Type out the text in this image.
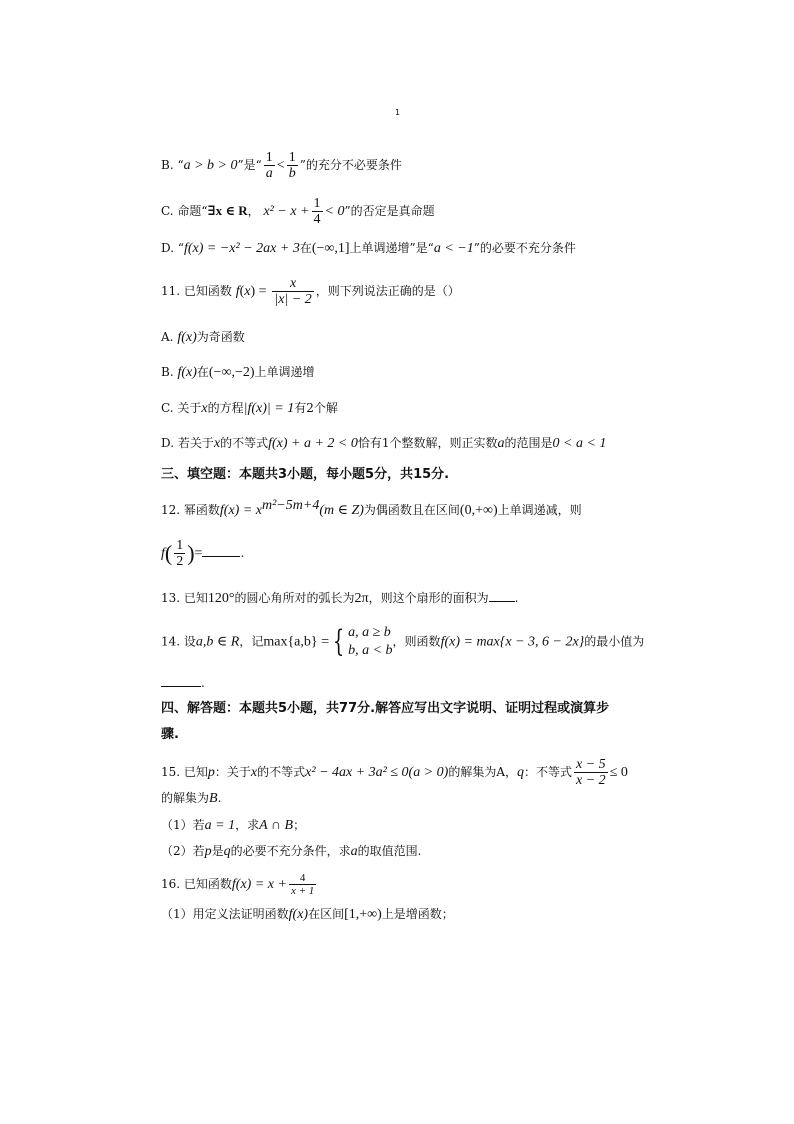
1
B. “a > b > 0”是“ $\frac{1}{a} < \frac{1}{b}$ ”的充分不必要条件
C. 命题“∃x ∈ R， $x^2 - x + \frac{1}{4} < 0$”的否定是真命题
D. “f(x) = −x² − 2ax + 3在(−∞,1]上单调递增”是“a < −1”的必要不充分条件
11. 已知函数 $f(x) = \frac{x}{|x| - 2}$ ，则下列说法正确的是（）
A. f(x)为奇函数
B. f(x)在(−∞,−2)上单调递增
C. 关于x的方程|f(x)| = 1有2个解
D. 若关于x的不等式f(x) + a + 2 < 0恰有1个整数解，则正实数a的范围是0 < a < 1
三、填空题：本题共3小题，每小题5分，共15分.
12. 幂函数$f(x) = x^{m^2-5m+4}(m$ ∈ Z)为偶函数且在区间(0,+∞)上单调递减，则
$f( \frac{1}{2}$ )=	.
13. 已知120°的圆心角所对的弧长为2π，则这个扇形的面积为 .
14. 设a,b ∈ R，记max{a,b} = { a, a ≥ b
b, a < b
，则函数f(x) = max{x − 3, 6 − 2x}的最小值为
.
四、解答题：本题共5小题，共77分.解答应写出文字说明、证明过程或演算步
骤.
15. 已知p：关于x的不等式x² − 4ax + 3a² ≤ 0(a > 0)的解集为A，q：不等式 $\frac{x - 5}{x - 2} \le 0$
的解集为B.
（1）若a = 1，求A ∩ B；
（2）若p是q的必要不充分条件，求a的取值范围.
16. 已知函数$f(x) = x + \frac{4}{x + 1}$
（1）用定义法证明函数f(x)在区间[1,+∞)上是增函数；
